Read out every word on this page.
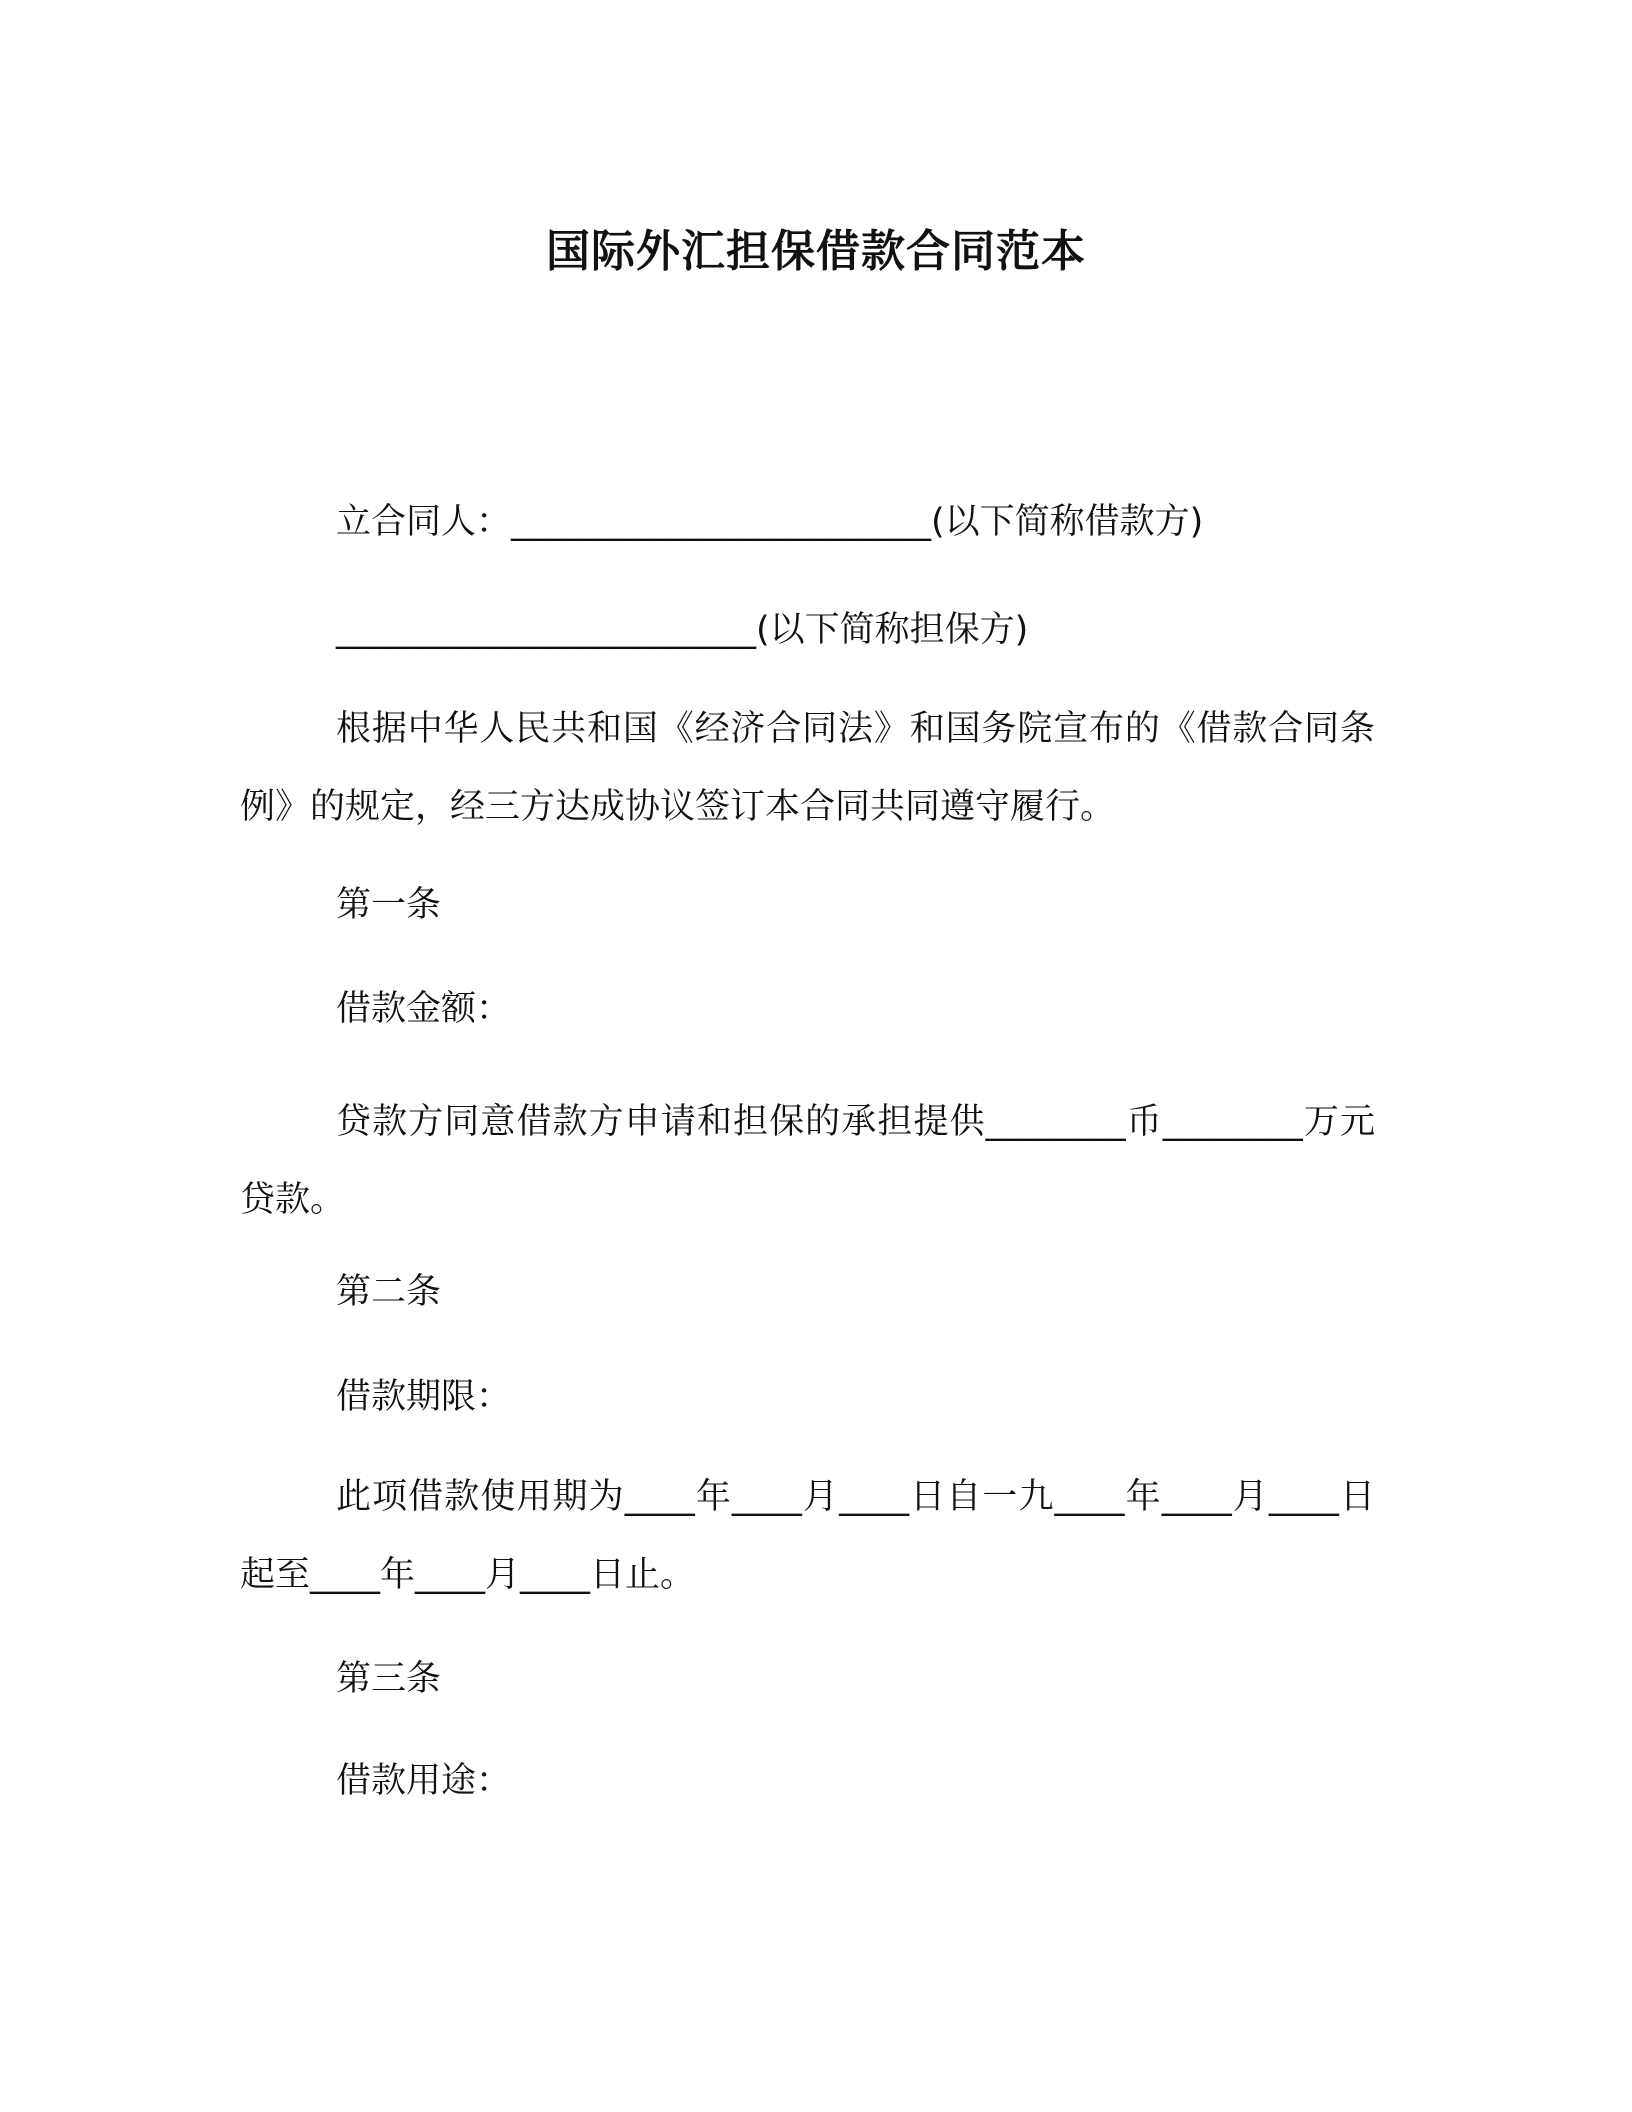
国际外汇担保借款合同范本

立合同人：________________________(以下简称借款方)

________________________(以下简称担保方)

根据中华人民共和国《经济合同法》和国务院宣布的《借款合同条例》的规定，经三方达成协议签订本合同共同遵守履行。

第一条

借款金额：

贷款方同意借款方申请和担保的承担提供________币________万元贷款。

第二条

借款期限：

此项借款使用期为____年____月____日自一九____年____月____日起至____年____月____日止。

第三条

借款用途：
